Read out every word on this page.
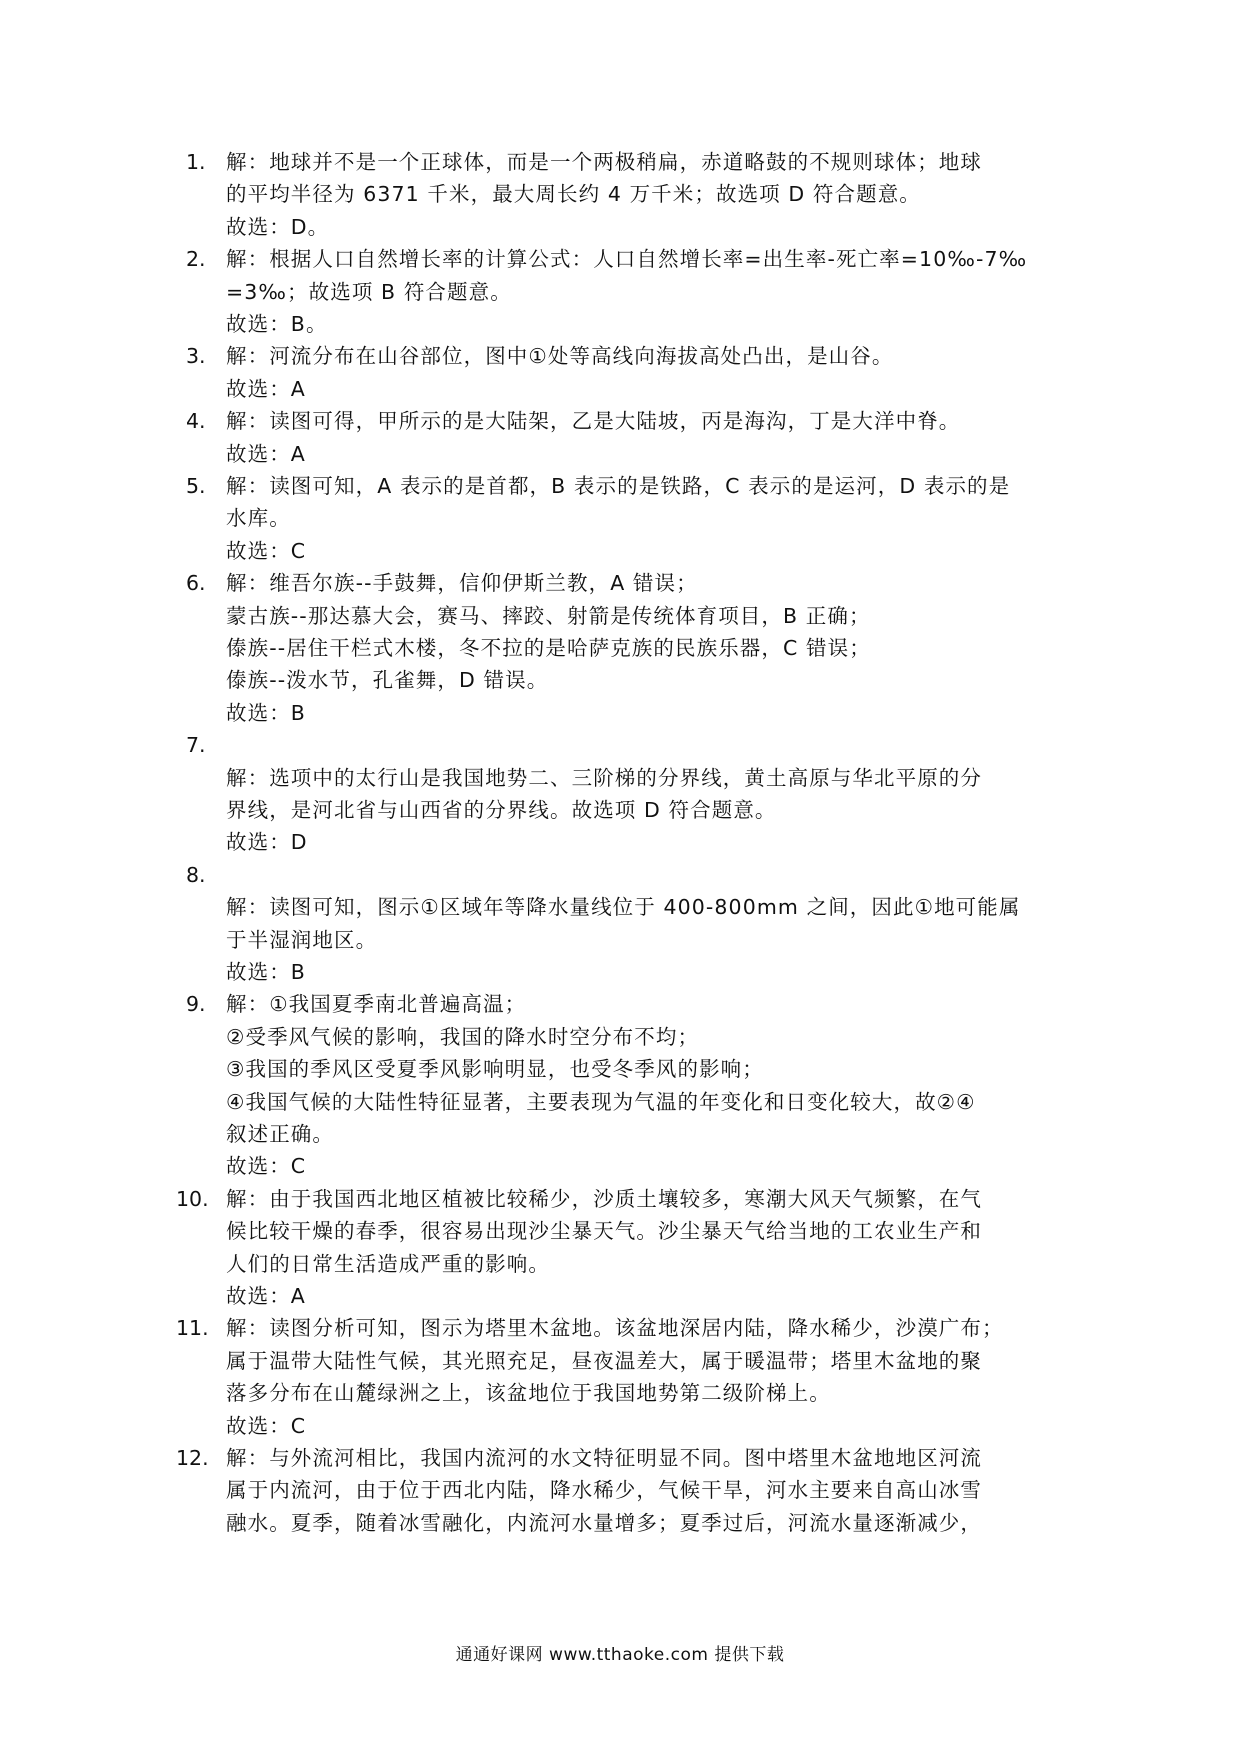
1. 解：地球并不是一个正球体，而是一个两极稍扁，赤道略鼓的不规则球体；地球
的平均半径为 6371 千米，最大周长约 4 万千米；故选项 D 符合题意。
故选：D。
2. 解：根据人口自然增长率的计算公式：人口自然增长率=出生率-死亡率=10‰-7‰
=3‰；故选项 B 符合题意。
故选：B。
3. 解：河流分布在山谷部位，图中①处等高线向海拔高处凸出，是山谷。
故选：A
4. 解：读图可得，甲所示的是大陆架，乙是大陆坡，丙是海沟，丁是大洋中脊。
故选：A
5. 解：读图可知，A 表示的是首都，B 表示的是铁路，C 表示的是运河，D 表示的是
水库。
故选：C
6. 解：维吾尔族--手鼓舞，信仰伊斯兰教，A 错误；
蒙古族--那达慕大会，赛马、摔跤、射箭是传统体育项目，B 正确；
傣族--居住干栏式木楼，冬不拉的是哈萨克族的民族乐器，C 错误；
傣族--泼水节，孔雀舞，D 错误。
故选：B
7.
解：选项中的太行山是我国地势二、三阶梯的分界线，黄土高原与华北平原的分
界线，是河北省与山西省的分界线。故选项 D 符合题意。
故选：D
8.
解：读图可知，图示①区域年等降水量线位于 400-800mm 之间，因此①地可能属
于半湿润地区。
故选：B
9. 解：①我国夏季南北普遍高温；
②受季风气候的影响，我国的降水时空分布不均；
③我国的季风区受夏季风影响明显，也受冬季风的影响；
④我国气候的大陆性特征显著，主要表现为气温的年变化和日变化较大，故②④
叙述正确。
故选：C
10. 解：由于我国西北地区植被比较稀少，沙质土壤较多，寒潮大风天气频繁，在气
候比较干燥的春季，很容易出现沙尘暴天气。沙尘暴天气给当地的工农业生产和
人们的日常生活造成严重的影响。
故选：A
11. 解：读图分析可知，图示为塔里木盆地。该盆地深居内陆，降水稀少，沙漠广布；
属于温带大陆性气候，其光照充足，昼夜温差大，属于暖温带；塔里木盆地的聚
落多分布在山麓绿洲之上，该盆地位于我国地势第二级阶梯上。
故选：C
12. 解：与外流河相比，我国内流河的水文特征明显不同。图中塔里木盆地地区河流
属于内流河，由于位于西北内陆，降水稀少，气候干旱，河水主要来自高山冰雪
融水。夏季，随着冰雪融化，内流河水量增多；夏季过后，河流水量逐渐减少，
通通好课网 www.tthaoke.com 提供下载
